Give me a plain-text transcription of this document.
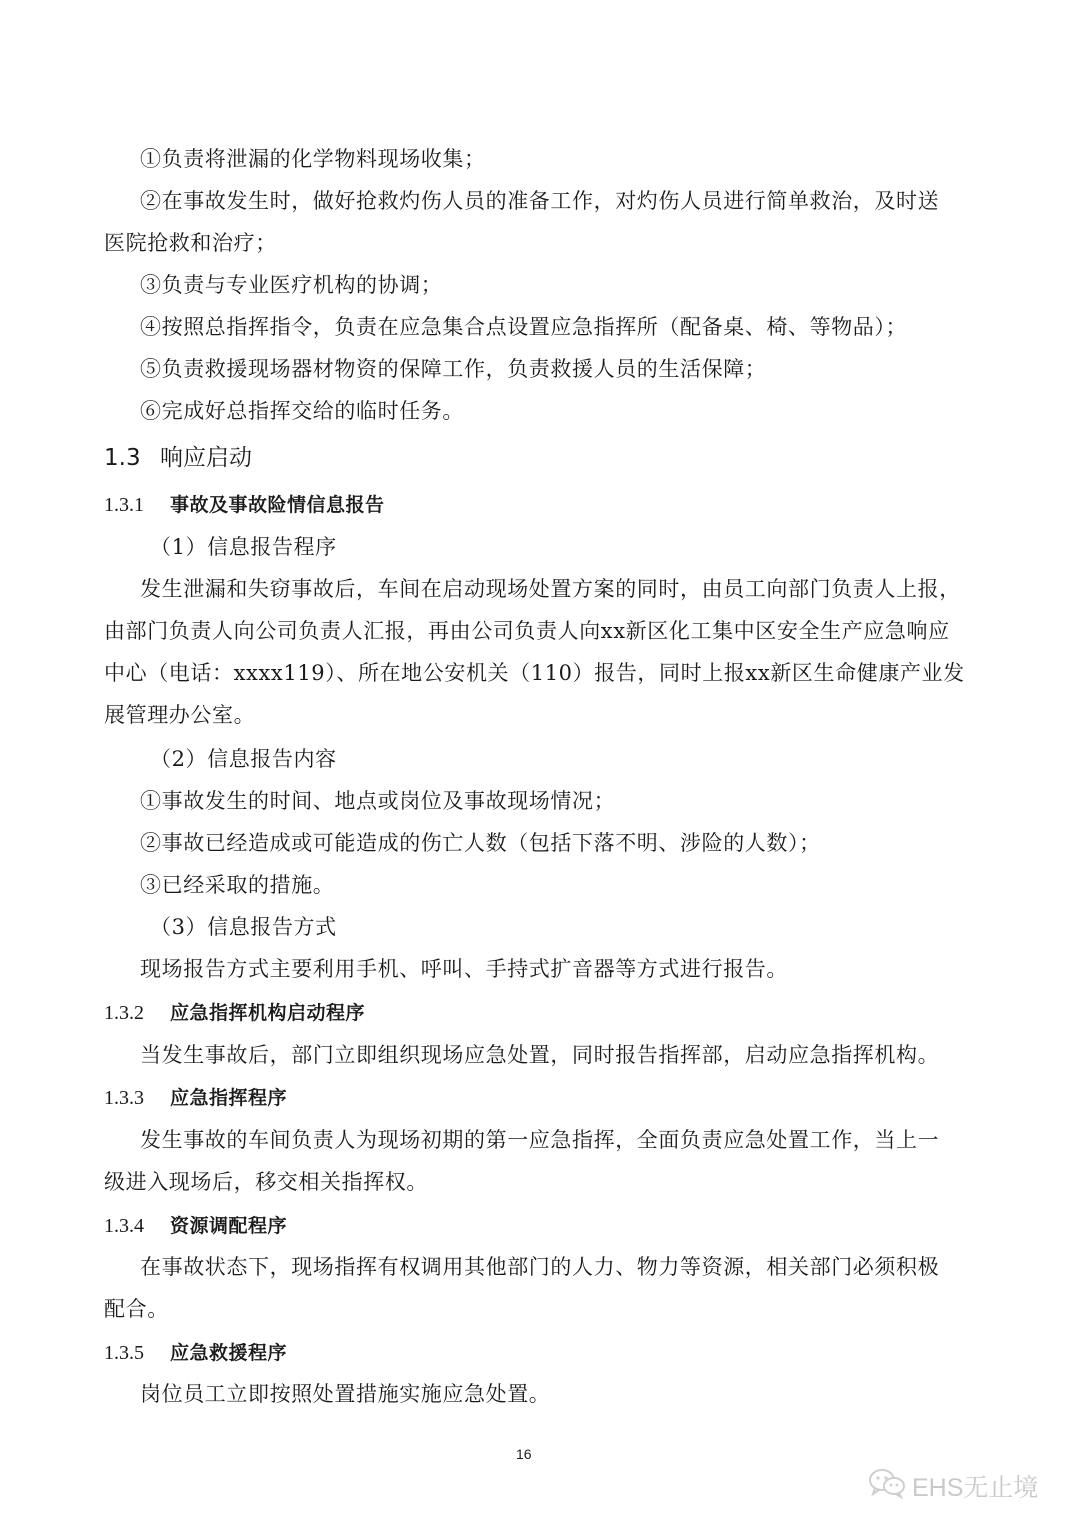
①负责将泄漏的化学物料现场收集；
②在事故发生时，做好抢救灼伤人员的准备工作，对灼伤人员进行简单救治，及时送
医院抢救和治疗；
③负责与专业医疗机构的协调；
④按照总指挥指令，负责在应急集合点设置应急指挥所（配备桌、椅、等物品）；
⑤负责救援现场器材物资的保障工作，负责救援人员的生活保障；
⑥完成好总指挥交给的临时任务。
1.3 响应启动
1.3.1 事故及事故险情信息报告
（1）信息报告程序
发生泄漏和失窃事故后，车间在启动现场处置方案的同时，由员工向部门负责人上报，
由部门负责人向公司负责人汇报，再由公司负责人向xx新区化工集中区安全生产应急响应
中心（电话：xxxx119）、所在地公安机关（110）报告，同时上报xx新区生命健康产业发
展管理办公室。
（2）信息报告内容
①事故发生的时间、地点或岗位及事故现场情况；
②事故已经造成或可能造成的伤亡人数（包括下落不明、涉险的人数）；
③已经采取的措施。
（3）信息报告方式
现场报告方式主要利用手机、呼叫、手持式扩音器等方式进行报告。
1.3.2 应急指挥机构启动程序
当发生事故后，部门立即组织现场应急处置，同时报告指挥部，启动应急指挥机构。
1.3.3 应急指挥程序
发生事故的车间负责人为现场初期的第一应急指挥，全面负责应急处置工作，当上一
级进入现场后，移交相关指挥权。
1.3.4 资源调配程序
在事故状态下，现场指挥有权调用其他部门的人力、物力等资源，相关部门必须积极
配合。
1.3.5 应急救援程序
岗位员工立即按照处置措施实施应急处置。
16
EHS无止境
